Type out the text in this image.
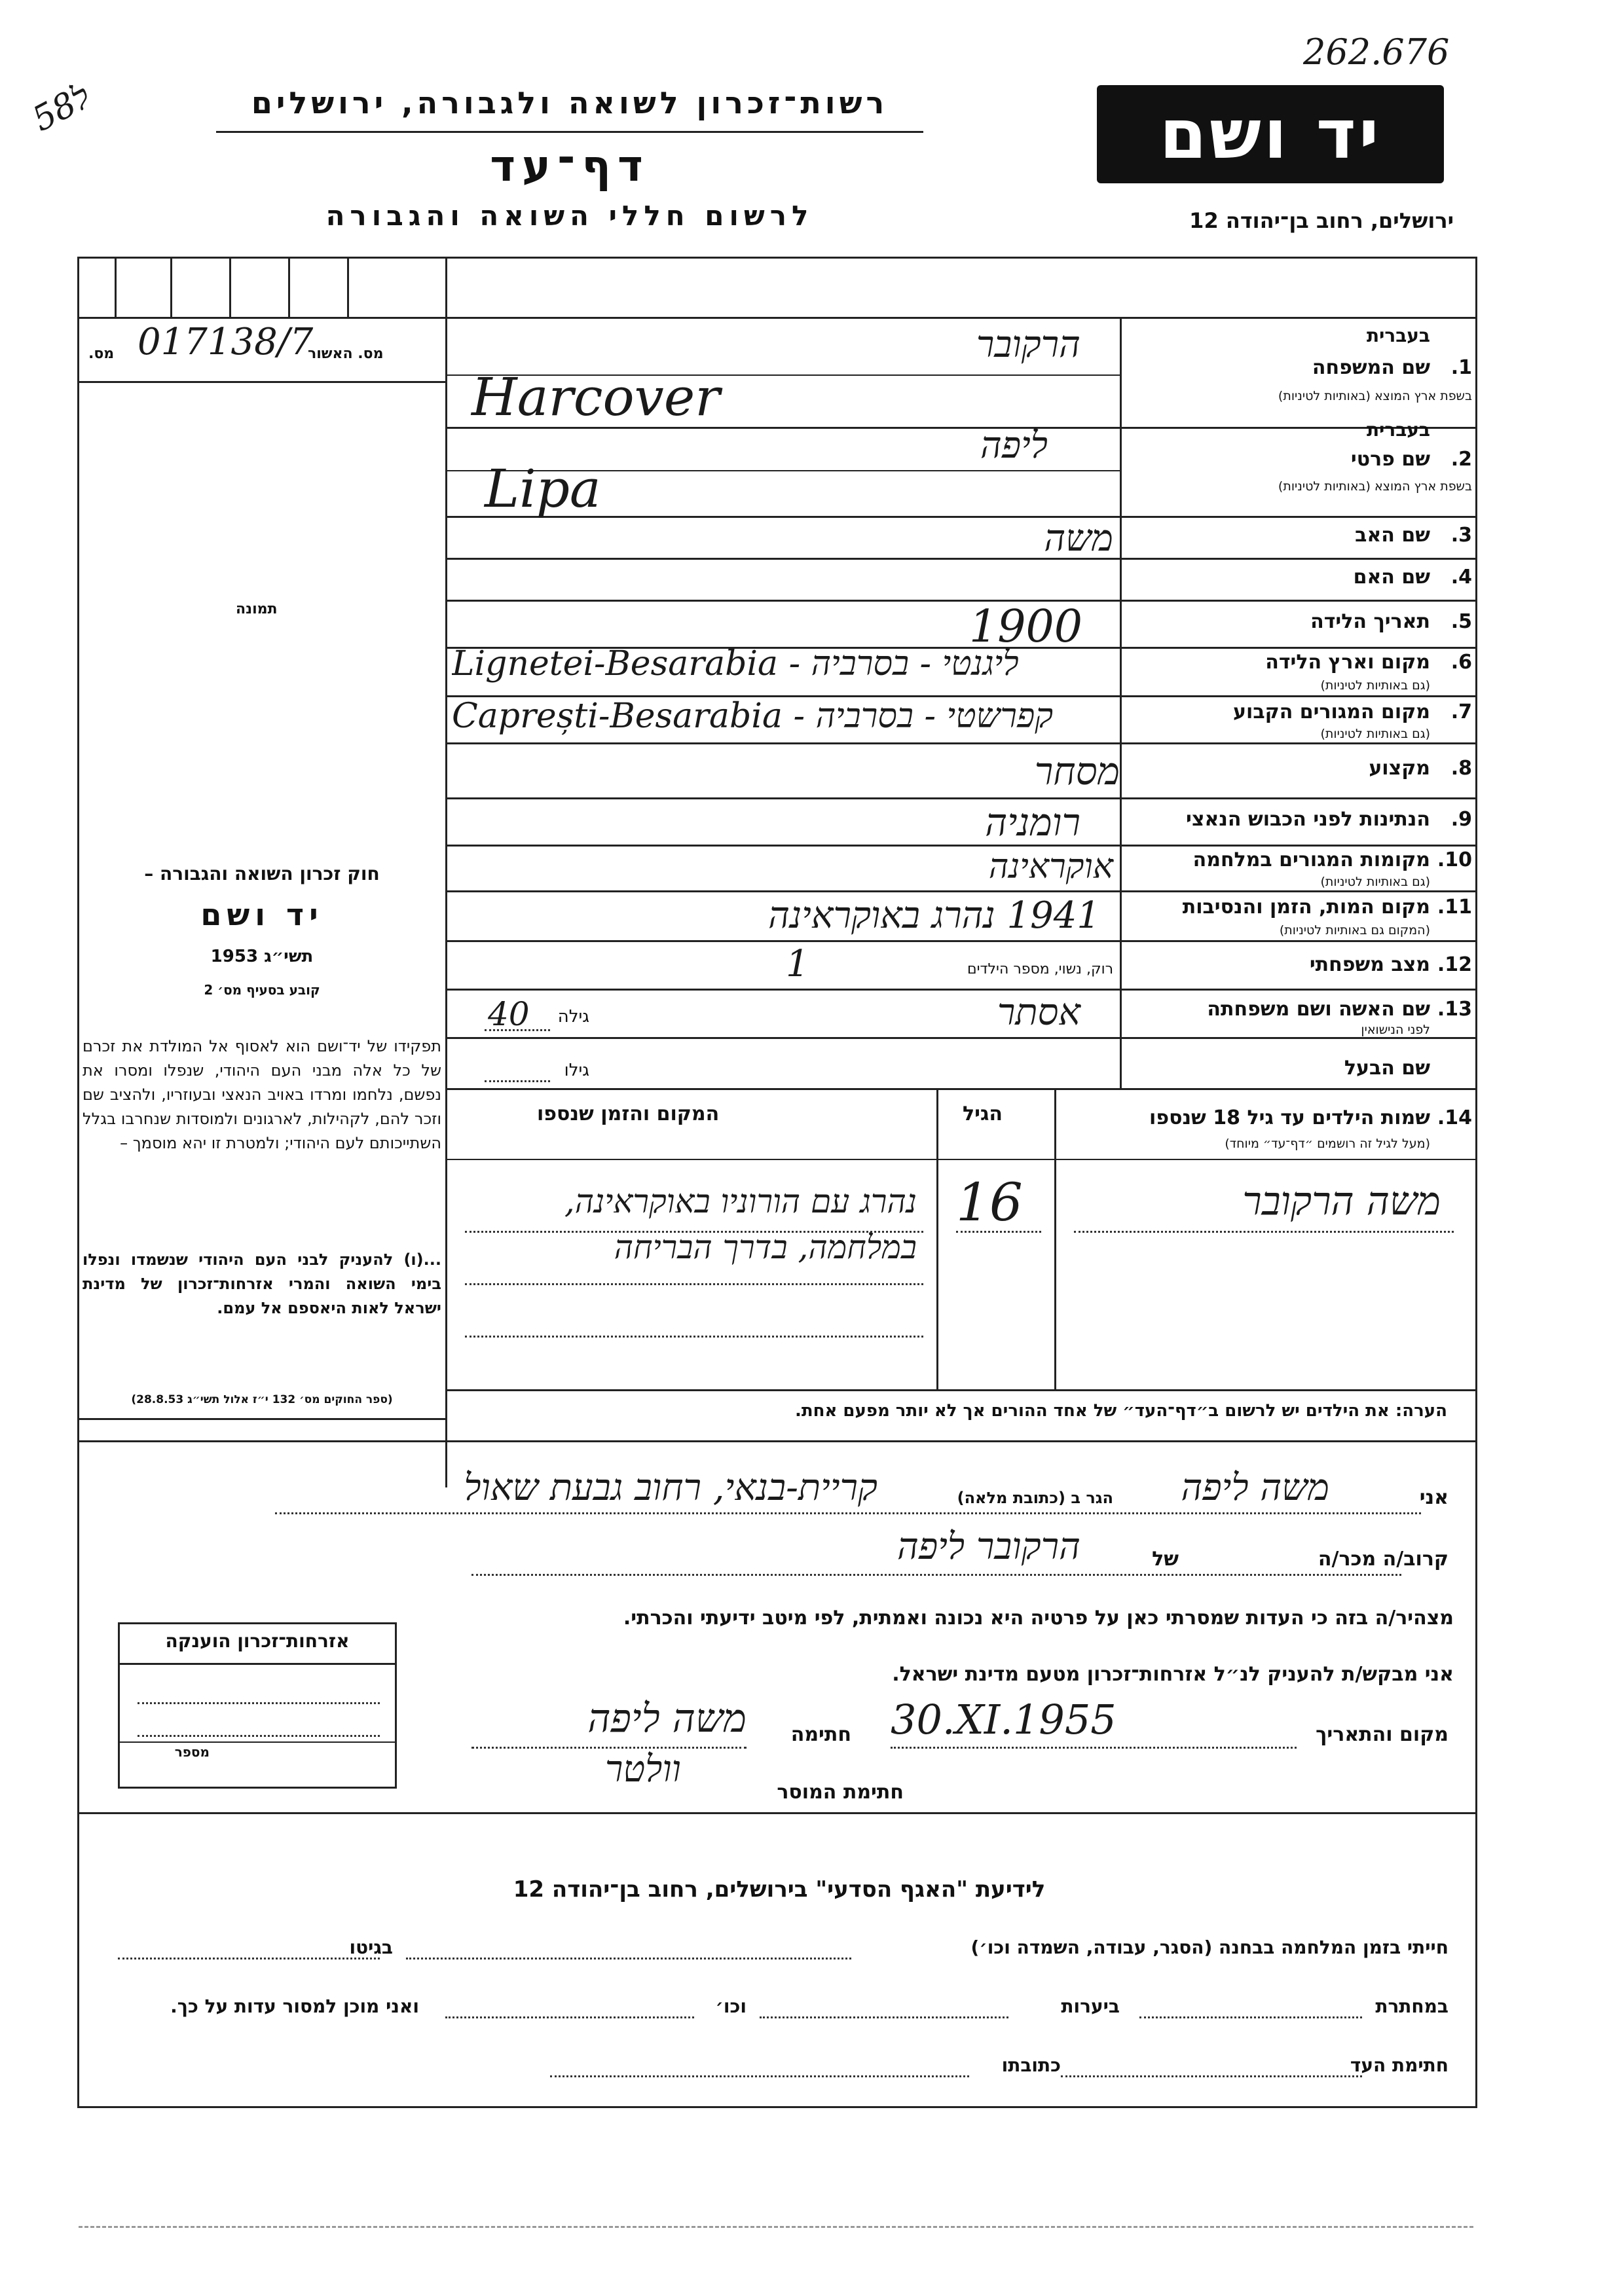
262.676
ל58	רשות־זכרון לשואה ולגבורה, ירושלים
דף־עד
לרשום חללי השואה והגבורה
יד ושם
ירושלים, רחוב בן־יהודה 12
017138/7
מס. האשור
מס.
תמונה
חוק זכרון השואה והגבורה –
יד ושם
תשי״ג 1953
קובע בסעיף מס׳ 2
תפקידו של יד־ושם הוא לאסוף אל המולדת את זכרם של כל אלה מבני העם היהודי, שנפלו ומסרו את נפשם, נלחמו ומרדו באויב הנאצי ובעוזריו, ולהציב שם וזכר להם, לקהילות, לארגונים ולמוסדות שנחרבו בגלל השתייכותם לעם היהודי; ולמטרת זו יהא מוסמך –
...(ו) להעניק לבני העם היהודי שנשמדו ונפלו בימי השואה והמרי אזרחות־זכרון של מדינת ישראל לאות היאספם אל עמם.
(ספר החוקים מס׳ 132 י״ז אלול תשי״ג 28.8.53)
בעברית
1.
שם המשפחה
בשפת ארץ המוצא (באותיות לטיניות)
הרקובר
Harcover
בעברית
2.
שם פרטי
בשפת ארץ המוצא (באותיות לטיניות)
ליפה
Lipa
3.
שם האב
משה
4.
שם האם
5.
תאריך הלידה
1900
6.
מקום וארץ הלידה
(גם באותיות לטיניות)
Lignetei-Besarabia - ליגנטי - בסרביה
7.
מקום המגורים הקבוע
(גם באותיות לטיניות)
Caprești-Besarabia - קפרשטי - בסרביה
8.
מקצוע
מסחר
9.
הנתינות לפני הכבוש הנאצי
רומניה
10.
מקומות המגורים במלחמה
(גם באותיות לטיניות)
אוקראינה
11.
מקום המות, הזמן והנסיבות
(המקום גם באותיות לטיניות)
1941 נהרג באוקראינה
12.
מצב משפחתי
רוק, נשוי, מספר הילדים
1
13.
שם האשה ושם משפחתה
לפני הנישואין
אסתר
גילה
40
שם הבעל
גילו
14.
שמות הילדים עד גיל 18 שנספו
(מעל לגיל זה רושמים ״דף־עד״ מיוחד)
הגיל
המקום והזמן שנספו
משה הרקובר
16
נהרג עם הורוניו באוקראינה, במלחמה, בדרך הבריחה
הערה: את הילדים יש לרשום ב״דף־העד״ של אחד ההורים אך לא יותר מפעם אחת.
אני
משה ליפה
הגר ב (כתובת מלאה)
קריית-בנאי, רחוב גבעת שאול
קרוב/ה מכר/ה
של
הרקובר ליפה
מצהיר/ה בזה כי העדות שמסרתי כאן על פרטיה היא נכונה ואמתית, לפי מיטב ידיעתי והכרתי.
אני מבקש/ת להעניק לנ״ל אזרחות־זכרון מטעם מדינת ישראל.
מקום והתאריך
30.XI.1955
חתימה
משה ליפה
חתימת המוסר
וולטר
אזרחות־זכרון הוענקה
מספר
לידיעת "האגף הסדעי" בירושלים, רחוב בן־יהודה 12
חייתי בזמן המלחמה בבחנה (הסגר, עבודה, השמדה וכו׳)
בגיטו
במחתרת
ביערות
וכו׳
ואני מוכן למסור עדות על כך.
חתימת העד
כתובתו
